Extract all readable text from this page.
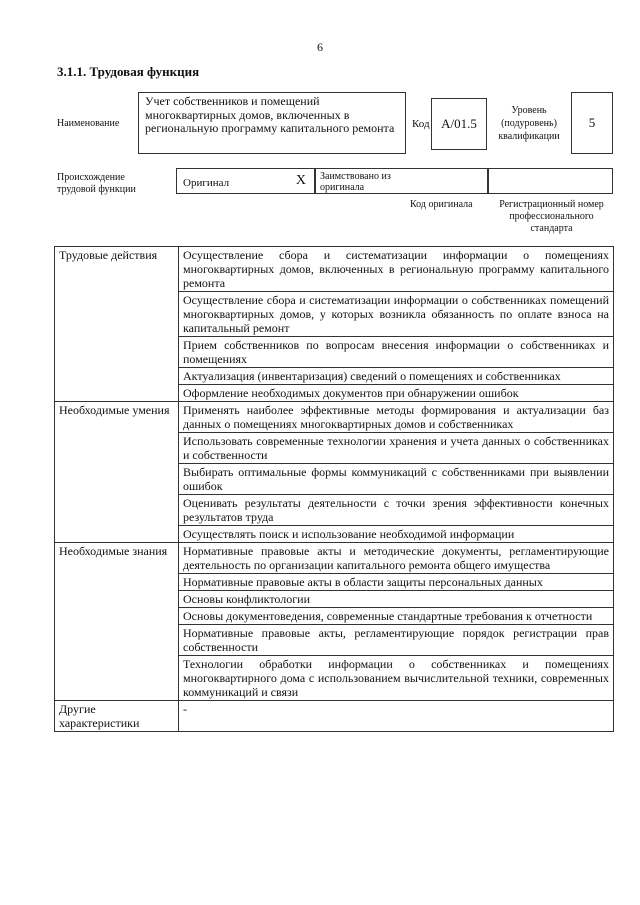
6
3.1.1. Трудовая функция
Наименование
Учет собственников и помещений многоквартирных домов, включенных в региональную программу капитального ремонта	Код А/01.5
Уровень
(подуровень)
квалификации
5
Происхождение
трудовой функции
Оригинал	X Заимствовано из
оригинала
Код оригинала	Регистрационный номер
профессионального
стандарта
Трудовые действия	Осуществление сбора и систематизации информации о помещениях многоквартирных домов, включенных в региональную программу капитального ремонта
	Осуществление сбора и систематизации информации о собственниках помещений многоквартирных домов, у которых возникла обязанность по оплате взноса на капитальный ремонт
	Прием собственников по вопросам внесения информации о собственниках и помещениях
	Актуализация (инвентаризация) сведений о помещениях и собственниках
	Оформление необходимых документов при обнаружении ошибок
Необходимые умения	Применять наиболее эффективные методы формирования и актуализации баз данных о помещениях многоквартирных домов и собственниках
	Использовать современные технологии хранения и учета данных о собственниках и собственности
	Выбирать оптимальные формы коммуникаций с собственниками при выявлении ошибок
	Оценивать результаты деятельности с точки зрения эффективности конечных результатов труда
	Осуществлять поиск и использование необходимой информации
Необходимые знания	Нормативные правовые акты и методические документы, регламентирующие деятельность по организации капитального ремонта общего имущества
	Нормативные правовые акты в области защиты персональных данных
	Основы конфликтологии
	Основы документоведения, современные стандартные требования к отчетности
	Нормативные правовые акты, регламентирующие порядок регистрации прав собственности
	Технологии обработки информации о собственниках и помещениях многоквартирного дома с использованием вычислительной техники, современных коммуникаций и связи
Другие характеристики	-
